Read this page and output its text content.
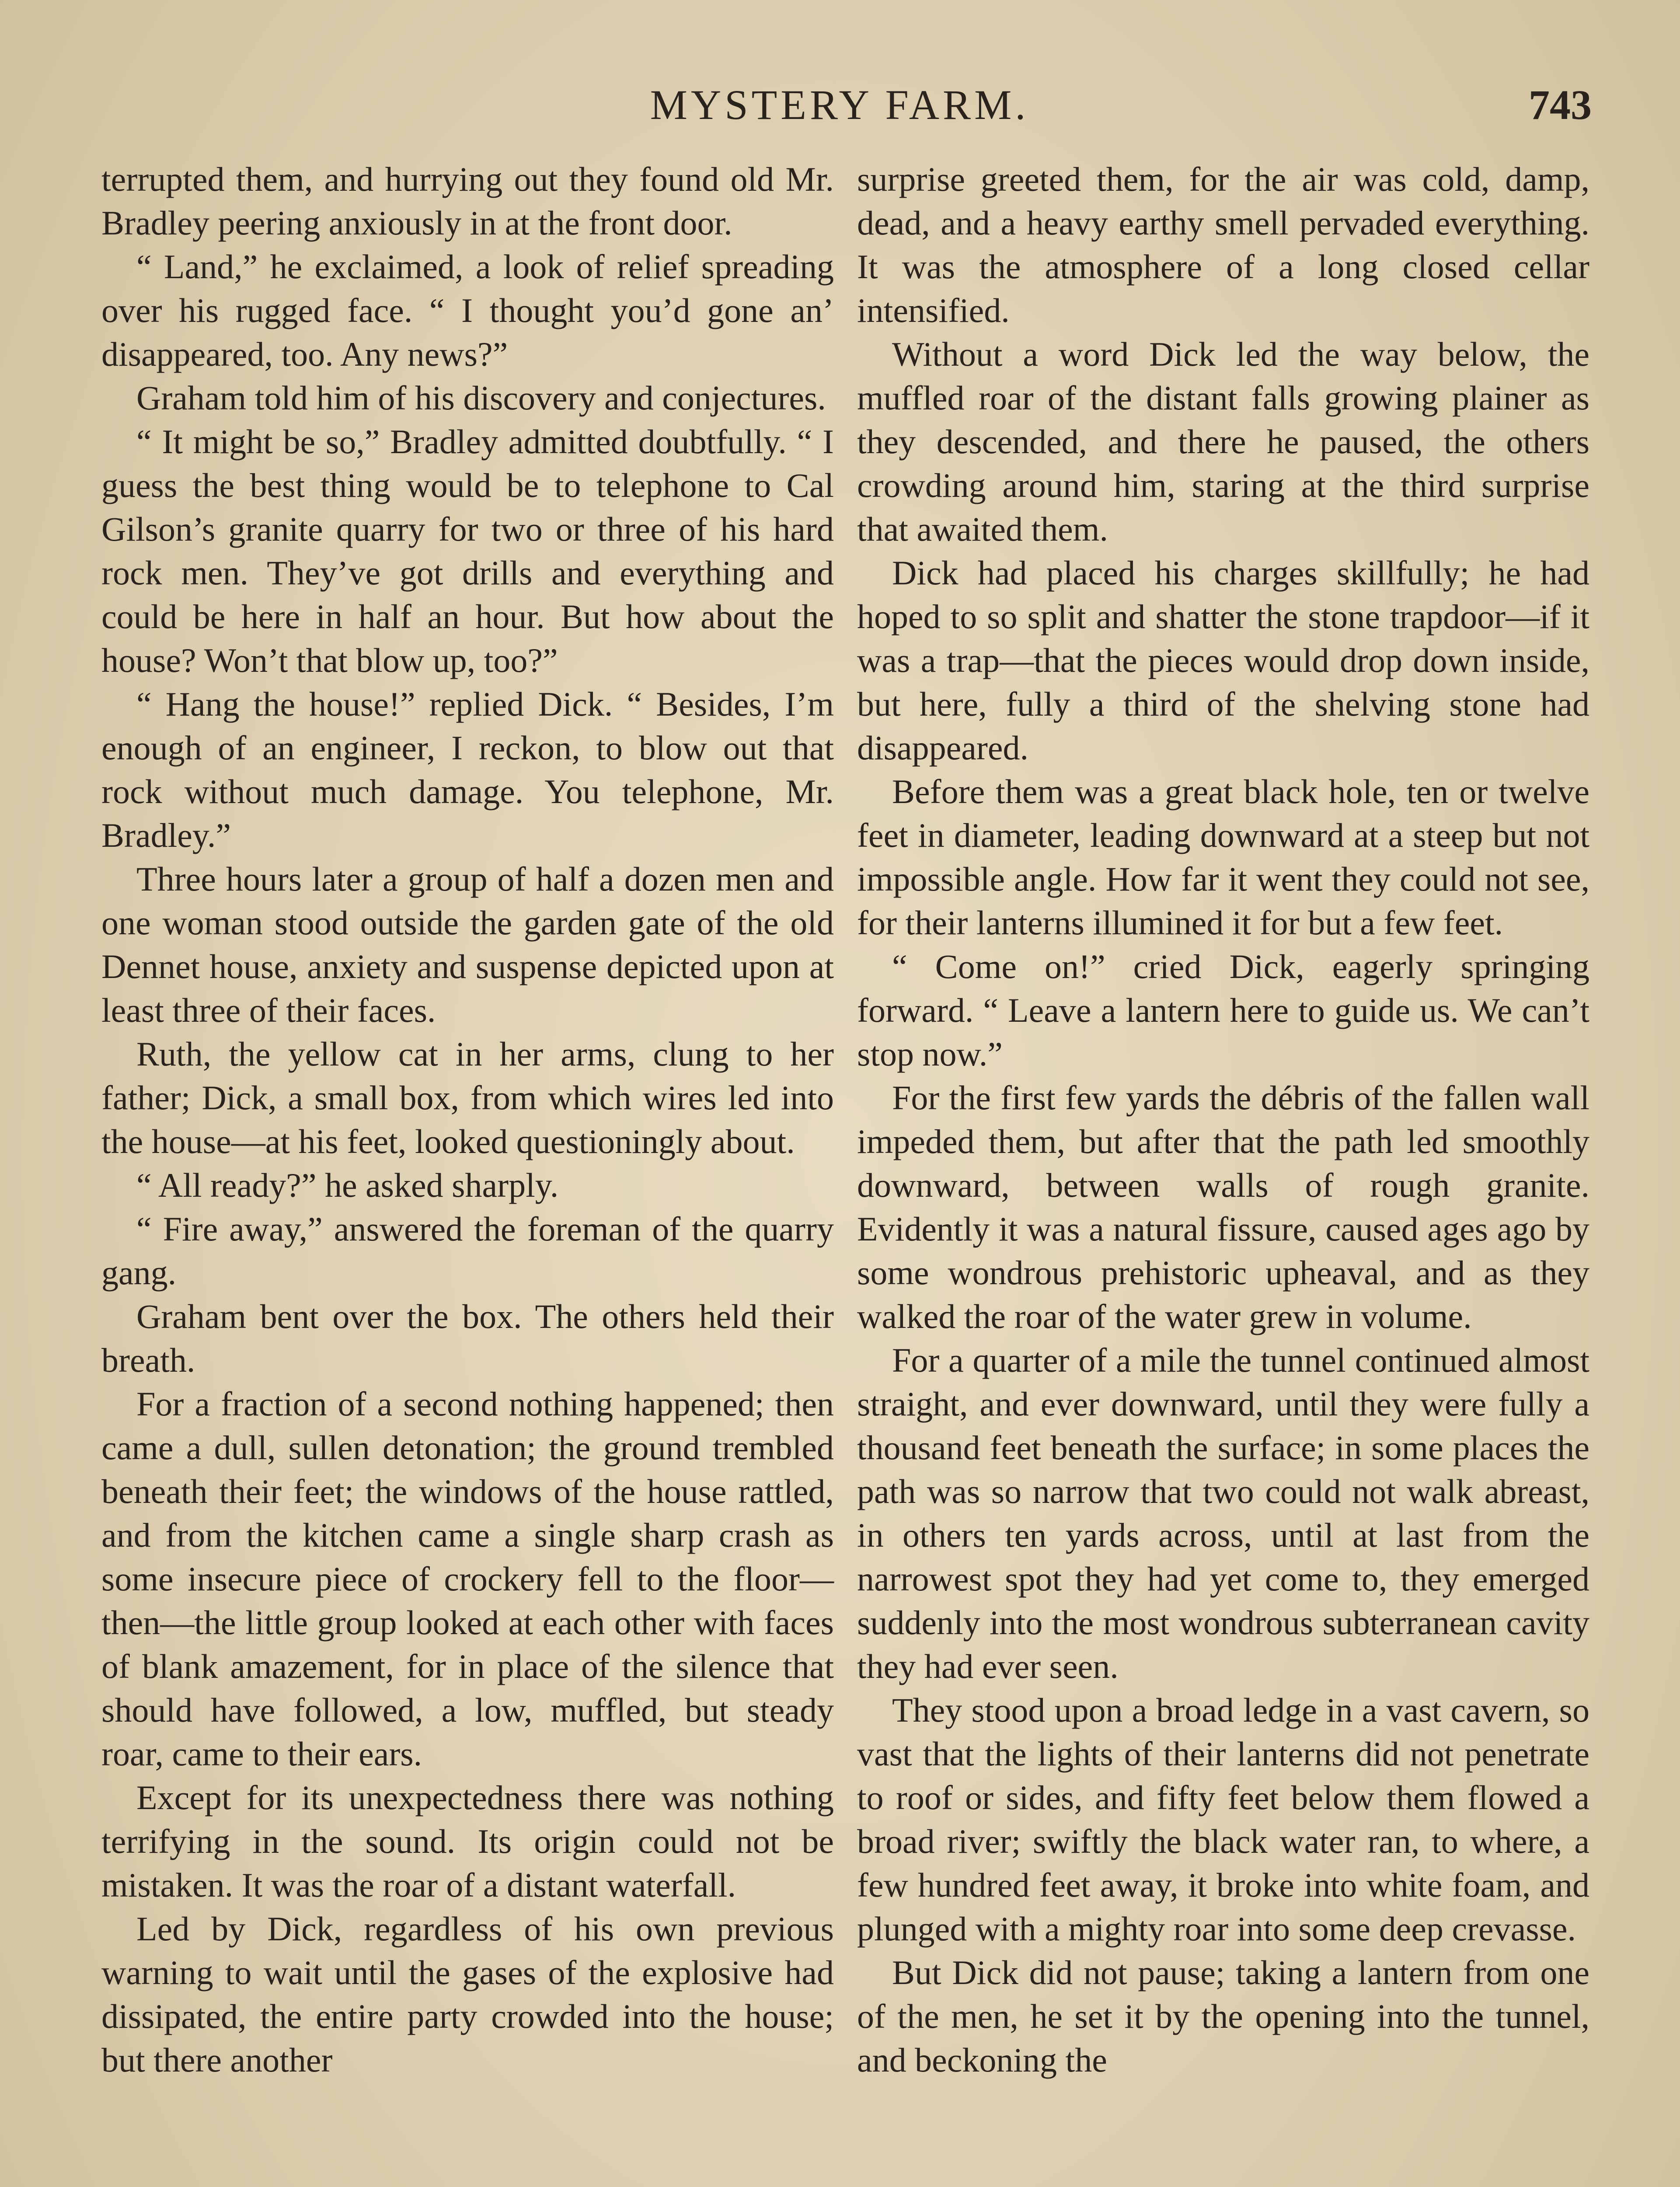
MYSTERY FARM.	743

terrupted them, and hurrying out they found old Mr. Bradley peering anxiously in at the front door.

“ Land,” he exclaimed, a look of relief spreading over his rugged face. “ I thought you’d gone an’ disappeared, too. Any news?”

Graham told him of his discovery and conjectures.

“ It might be so,” Bradley admitted doubtfully. “ I guess the best thing would be to telephone to Cal Gilson’s granite quarry for two or three of his hard rock men. They’ve got drills and everything and could be here in half an hour. But how about the house? Won’t that blow up, too?”

“ Hang the house!” replied Dick. “ Besides, I’m enough of an engineer, I reckon, to blow out that rock without much damage. You telephone, Mr. Bradley.”

Three hours later a group of half a dozen men and one woman stood outside the garden gate of the old Dennet house, anxiety and suspense depicted upon at least three of their faces.

Ruth, the yellow cat in her arms, clung to her father; Dick, a small box, from which wires led into the house—at his feet, looked questioningly about.

“ All ready?” he asked sharply.

“ Fire away,” answered the foreman of the quarry gang.

Graham bent over the box. The others held their breath.

For a fraction of a second nothing happened; then came a dull, sullen detonation; the ground trembled beneath their feet; the windows of the house rattled, and from the kitchen came a single sharp crash as some insecure piece of crockery fell to the floor—then—the little group looked at each other with faces of blank amazement, for in place of the silence that should have followed, a low, muffled, but steady roar, came to their ears.

Except for its unexpectedness there was nothing terrifying in the sound. Its origin could not be mistaken. It was the roar of a distant waterfall.

Led by Dick, regardless of his own previous warning to wait until the gases of the explosive had dissipated, the entire party crowded into the house; but there another

surprise greeted them, for the air was cold, damp, dead, and a heavy earthy smell pervaded everything. It was the atmosphere of a long closed cellar intensified.

Without a word Dick led the way below, the muffled roar of the distant falls growing plainer as they descended, and there he paused, the others crowding around him, staring at the third surprise that awaited them.

Dick had placed his charges skillfully; he had hoped to so split and shatter the stone trapdoor—if it was a trap—that the pieces would drop down inside, but here, fully a third of the shelving stone had disappeared.

Before them was a great black hole, ten or twelve feet in diameter, leading downward at a steep but not impossible angle. How far it went they could not see, for their lanterns illumined it for but a few feet.

“ Come on!” cried Dick, eagerly springing forward. “ Leave a lantern here to guide us. We can’t stop now.”

For the first few yards the débris of the fallen wall impeded them, but after that the path led smoothly downward, between walls of rough granite. Evidently it was a natural fissure, caused ages ago by some wondrous prehistoric upheaval, and as they walked the roar of the water grew in volume.

For a quarter of a mile the tunnel continued almost straight, and ever downward, until they were fully a thousand feet beneath the surface; in some places the path was so narrow that two could not walk abreast, in others ten yards across, until at last from the narrowest spot they had yet come to, they emerged suddenly into the most wondrous subterranean cavity they had ever seen.

They stood upon a broad ledge in a vast cavern, so vast that the lights of their lanterns did not penetrate to roof or sides, and fifty feet below them flowed a broad river; swiftly the black water ran, to where, a few hundred feet away, it broke into white foam, and plunged with a mighty roar into some deep crevasse.

But Dick did not pause; taking a lantern from one of the men, he set it by the opening into the tunnel, and beckoning the
